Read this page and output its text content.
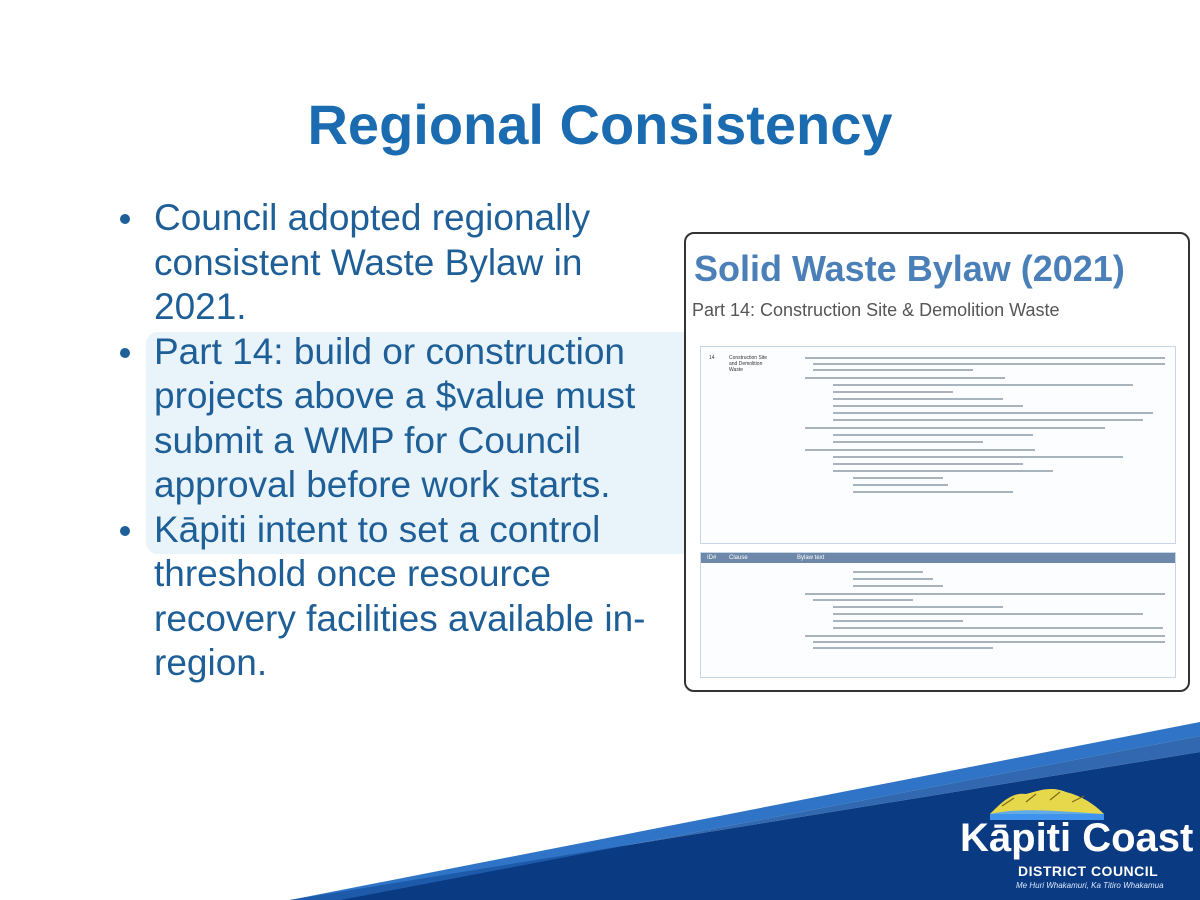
Regional Consistency
Council adopted regionally consistent Waste Bylaw in 2021.
Part 14: build or construction projects above a $value must submit a WMP for Council approval before work starts.
Kāpiti intent to set a control threshold once resource recovery facilities available in-region.
Solid Waste Bylaw (2021)
Part 14: Construction Site & Demolition Waste
14	Construction Site and Demolition Waste
ID# Clause	Bylaw text
Kāpiti Coast
DISTRICT COUNCIL
Me Huri Whakamuri, Ka Titiro Whakamua
